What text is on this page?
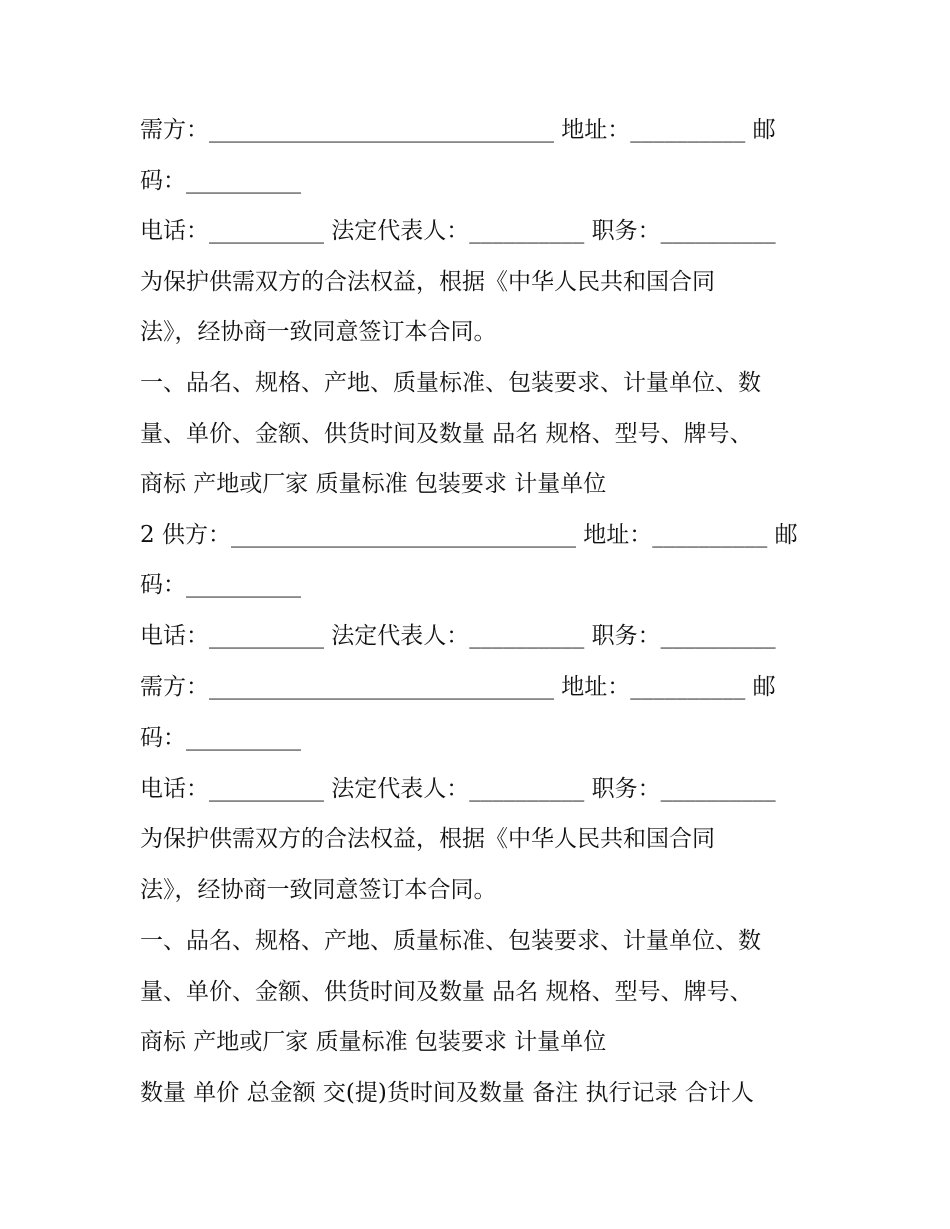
需方：______________________________ 地址：__________ 邮
码：__________
电话：__________ 法定代表人：__________ 职务：__________
为保护供需双方的合法权益，根据《中华人民共和国合同
法》，经协商一致同意签订本合同。
一、品名、规格、产地、质量标准、包装要求、计量单位、数
量、单价、金额、供货时间及数量 品名 规格、型号、牌号、
商标 产地或厂家 质量标准 包装要求 计量单位
2 供方：______________________________ 地址：__________ 邮
码：__________
电话：__________ 法定代表人：__________ 职务：__________
需方：______________________________ 地址：__________ 邮
码：__________
电话：__________ 法定代表人：__________ 职务：__________
为保护供需双方的合法权益，根据《中华人民共和国合同
法》，经协商一致同意签订本合同。
一、品名、规格、产地、质量标准、包装要求、计量单位、数
量、单价、金额、供货时间及数量 品名 规格、型号、牌号、
商标 产地或厂家 质量标准 包装要求 计量单位
数量 单价 总金额 交(提)货时间及数量 备注 执行记录 合计人
